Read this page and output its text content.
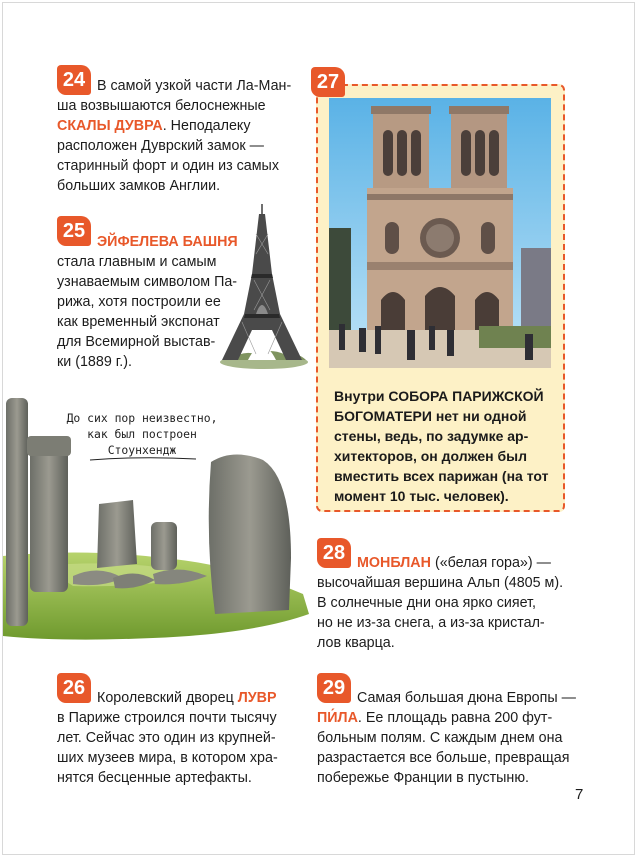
24 В самой узкой части Ла-Ман-
ша возвышаются белоснежные
СКАЛЫ ДУВРА. Неподалеку
расположен Дуврский замок —
старинный форт и один из самых
больших замков Англии.

25 ЭЙФЕЛЕВА БАШНЯ
стала главным и самым
узнаваемым символом Па-
рижа, хотя построили ее
как временный экспонат
для Всемирной выстав-
ки (1889 г.).

До сих пор неизвестно,
как был построен
Стоунхендж

27

Внутри СОБОРА ПАРИЖСКОЙ
БОГОМАТЕРИ нет ни одной
стены, ведь, по задумке ар-
хитекторов, он должен был
вместить всех парижан (на тот
момент 10 тыс. человек).

28 МОНБЛАН («белая гора») —
высочайшая вершина Альп (4805 м).
В солнечные дни она ярко сияет,
но не из-за снега, а из-за кристал-
лов кварца.

26 Королевский дворец ЛУВР
в Париже строился почти тысячу
лет. Сейчас это один из крупней-
ших музеев мира, в котором хра-
нятся бесценные артефакты.

29 Самая большая дюна Европы —
ПИ́ЛА. Ее площадь равна 200 фут-
больным полям. С каждым днем она
разрастается все больше, превращая
побережье Франции в пустыню.

7
